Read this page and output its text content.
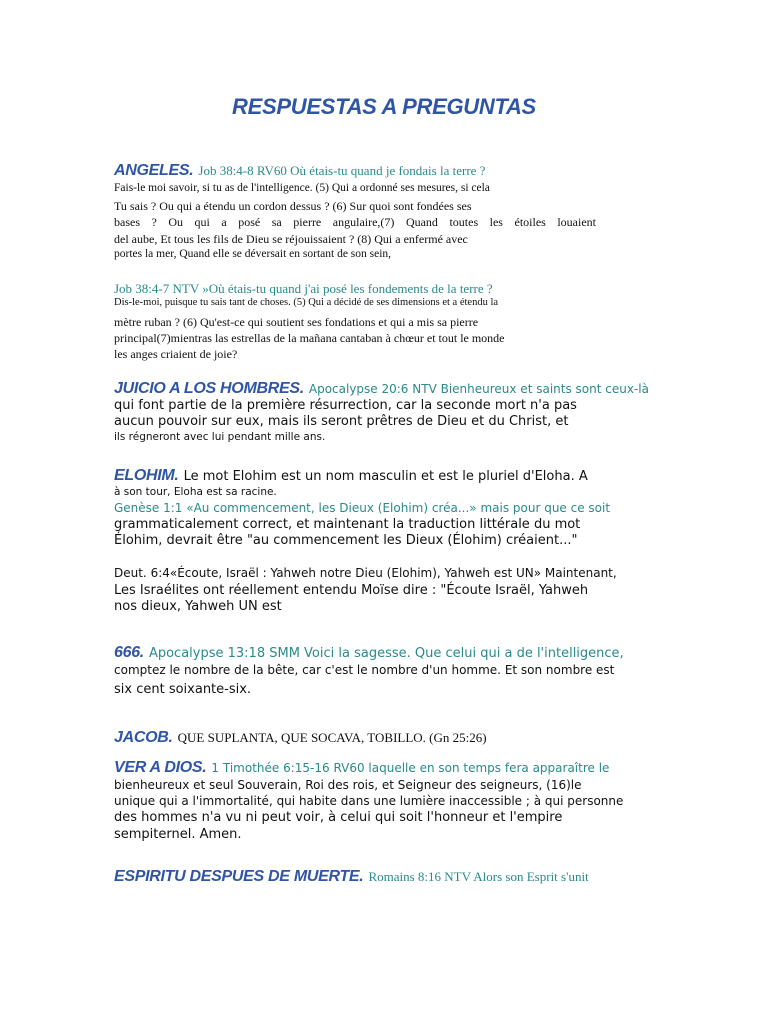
RESPUESTAS A PREGUNTAS
ANGELES. Job 38:4-8 RV60 Où étais-tu quand je fondais la terre ?
Fais-le moi savoir, si tu as de l'intelligence. (5) Qui a ordonné ses mesures, si cela
Tu sais ? Ou qui a étendu un cordon dessus ? (6) Sur quoi sont fondées ses
bases ? Ou qui a posé sa pierre angulaire,(7) Quand toutes les étoiles louaient
del aube, Et tous les fils de Dieu se réjouissaient ? (8) Qui a enfermé avec
portes la mer, Quand elle se déversait en sortant de son sein,
Job 38:4-7 NTV »Où étais-tu quand j'ai posé les fondements de la terre ?
Dis-le-moi, puisque tu sais tant de choses. (5) Qui a décidé de ses dimensions et a étendu la
mètre ruban ? (6) Qu'est-ce qui soutient ses fondations et qui a mis sa pierre
principal(7)mientras las estrellas de la mañana cantaban à chœur et tout le monde
les anges criaient de joie?
JUICIO A LOS HOMBRES. Apocalypse 20:6 NTV Bienheureux et saints sont ceux-là
qui font partie de la première résurrection, car la seconde mort n'a pas
aucun pouvoir sur eux, mais ils seront prêtres de Dieu et du Christ, et
ils régneront avec lui pendant mille ans.
ELOHIM. Le mot Elohim est un nom masculin et est le pluriel d'Eloha. A
à son tour, Eloha est sa racine.
Genèse 1:1 «Au commencement, les Dieux (Elohim) créa...» mais pour que ce soit
grammaticalement correct, et maintenant la traduction littérale du mot
Élohim, devrait être "au commencement les Dieux (Élohim) créaient..."
Deut. 6:4«Écoute, Israël : Yahweh notre Dieu (Elohim), Yahweh est UN» Maintenant,
Les Israélites ont réellement entendu Moïse dire : "Écoute Israël, Yahweh
nos dieux, Yahweh UN est
666. Apocalypse 13:18 SMM Voici la sagesse. Que celui qui a de l'intelligence,
comptez le nombre de la bête, car c'est le nombre d'un homme. Et son nombre est
six cent soixante-six.
JACOB. QUE SUPLANTA, QUE SOCAVA, TOBILLO. (Gn 25:26)
VER A DIOS. 1 Timothée 6:15-16 RV60 laquelle en son temps fera apparaître le
bienheureux et seul Souverain, Roi des rois, et Seigneur des seigneurs, (16)le
unique qui a l'immortalité, qui habite dans une lumière inaccessible ; à qui personne
des hommes n'a vu ni peut voir, à celui qui soit l'honneur et l'empire
sempiternel. Amen.
ESPIRITU DESPUES DE MUERTE. Romains 8:16 NTV Alors son Esprit s'unit
